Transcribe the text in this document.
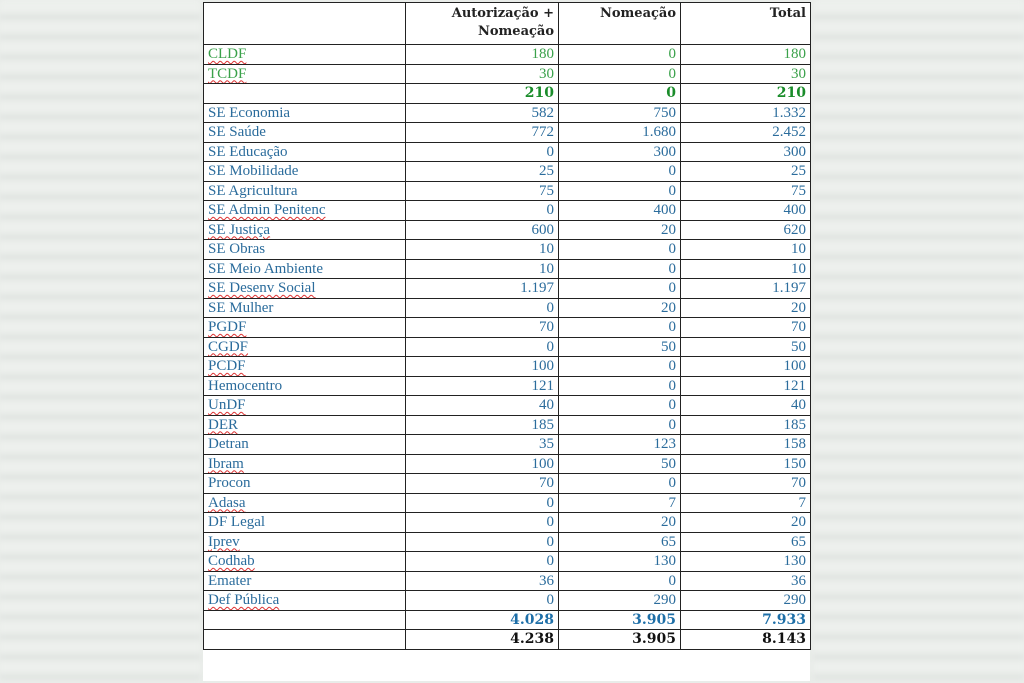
	Autorização + Nomeação	Nomeação	Total
CLDF	180	0	180
TCDF	30	0	30
	210	0	210
SE Economia	582	750	1.332
SE Saúde	772	1.680	2.452
SE Educação	0	300	300
SE Mobilidade	25	0	25
SE Agricultura	75	0	75
SE Admin Penitenc	0	400	400
SE Justiça	600	20	620
SE Obras	10	0	10
SE Meio Ambiente	10	0	10
SE Desenv Social	1.197	0	1.197
SE Mulher	0	20	20
PGDF	70	0	70
CGDF	0	50	50
PCDF	100	0	100
Hemocentro	121	0	121
UnDF	40	0	40
DER	185	0	185
Detran	35	123	158
Ibram	100	50	150
Procon	70	0	70
Adasa	0	7	7
DF Legal	0	20	20
Iprev	0	65	65
Codhab	0	130	130
Emater	36	0	36
Def Pública	0	290	290
	4.028	3.905	7.933
	4.238	3.905	8.143
